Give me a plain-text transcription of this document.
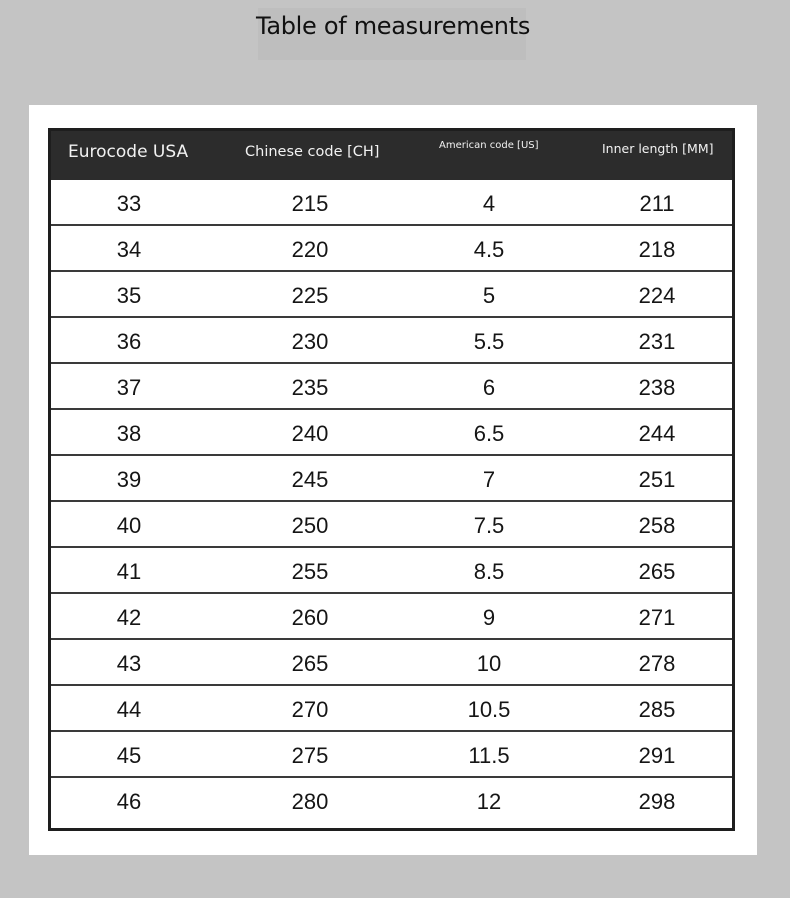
Table of measurements
Eurocode USA	Chinese code [CH]	American code [US]	Inner length [MM]
33	215	4	211
34	220	4.5	218
35	225	5	224
36	230	5.5	231
37	235	6	238
38	240	6.5	244
39	245	7	251
40	250	7.5	258
41	255	8.5	265
42	260	9	271
43	265	10	278
44	270	10.5	285
45	275	11.5	291
46	280	12	298
